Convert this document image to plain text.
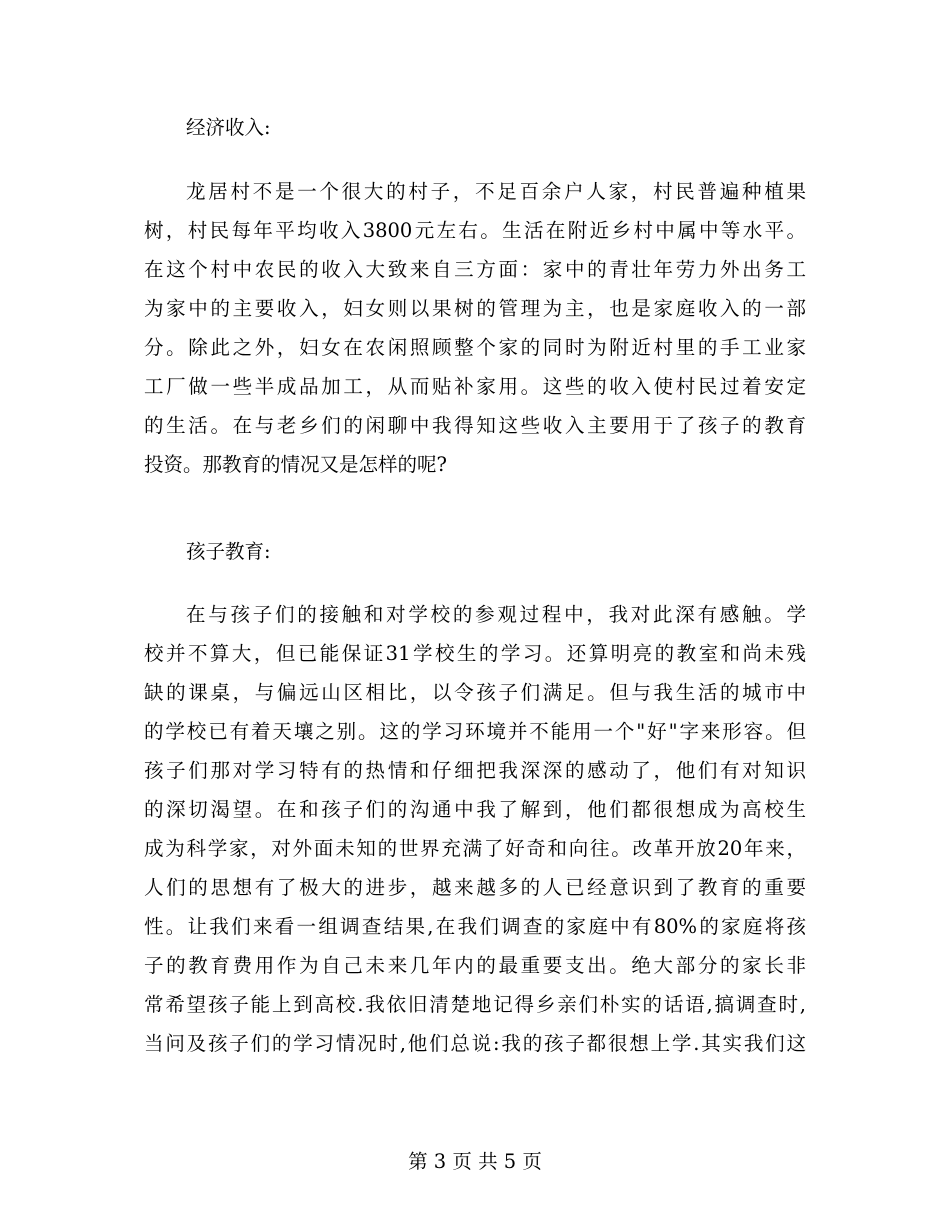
经济收入:
龙居村不是一个很大的村子，不足百余户人家，村民普遍种植果
树，村民每年平均收入3800元左右。生活在附近乡村中属中等水平。
在这个村中农民的收入大致来自三方面：家中的青壮年劳力外出务工
为家中的主要收入，妇女则以果树的管理为主，也是家庭收入的一部
分。除此之外，妇女在农闲照顾整个家的同时为附近村里的手工业家
工厂做一些半成品加工，从而贴补家用。这些的收入使村民过着安定
的生活。在与老乡们的闲聊中我得知这些收入主要用于了孩子的教育
投资。那教育的情况又是怎样的呢?
孩子教育:
在与孩子们的接触和对学校的参观过程中，我对此深有感触。学
校并不算大，但已能保证31学校生的学习。还算明亮的教室和尚未残
缺的课桌，与偏远山区相比，以令孩子们满足。但与我生活的城市中
的学校已有着天壤之别。这的学习环境并不能用一个"好"字来形容。但
孩子们那对学习特有的热情和仔细把我深深的感动了，他们有对知识
的深切渴望。在和孩子们的沟通中我了解到，他们都很想成为高校生
成为科学家，对外面未知的世界充满了好奇和向往。改革开放20年来，
人们的思想有了极大的进步，越来越多的人已经意识到了教育的重要
性。让我们来看一组调查结果,在我们调查的家庭中有80%的家庭将孩
子的教育费用作为自己未来几年内的最重要支出。绝大部分的家长非
常希望孩子能上到高校.我依旧清楚地记得乡亲们朴实的话语,搞调查时,
当问及孩子们的学习情况时,他们总说:我的孩子都很想上学.其实我们这
第 3 页 共 5 页
